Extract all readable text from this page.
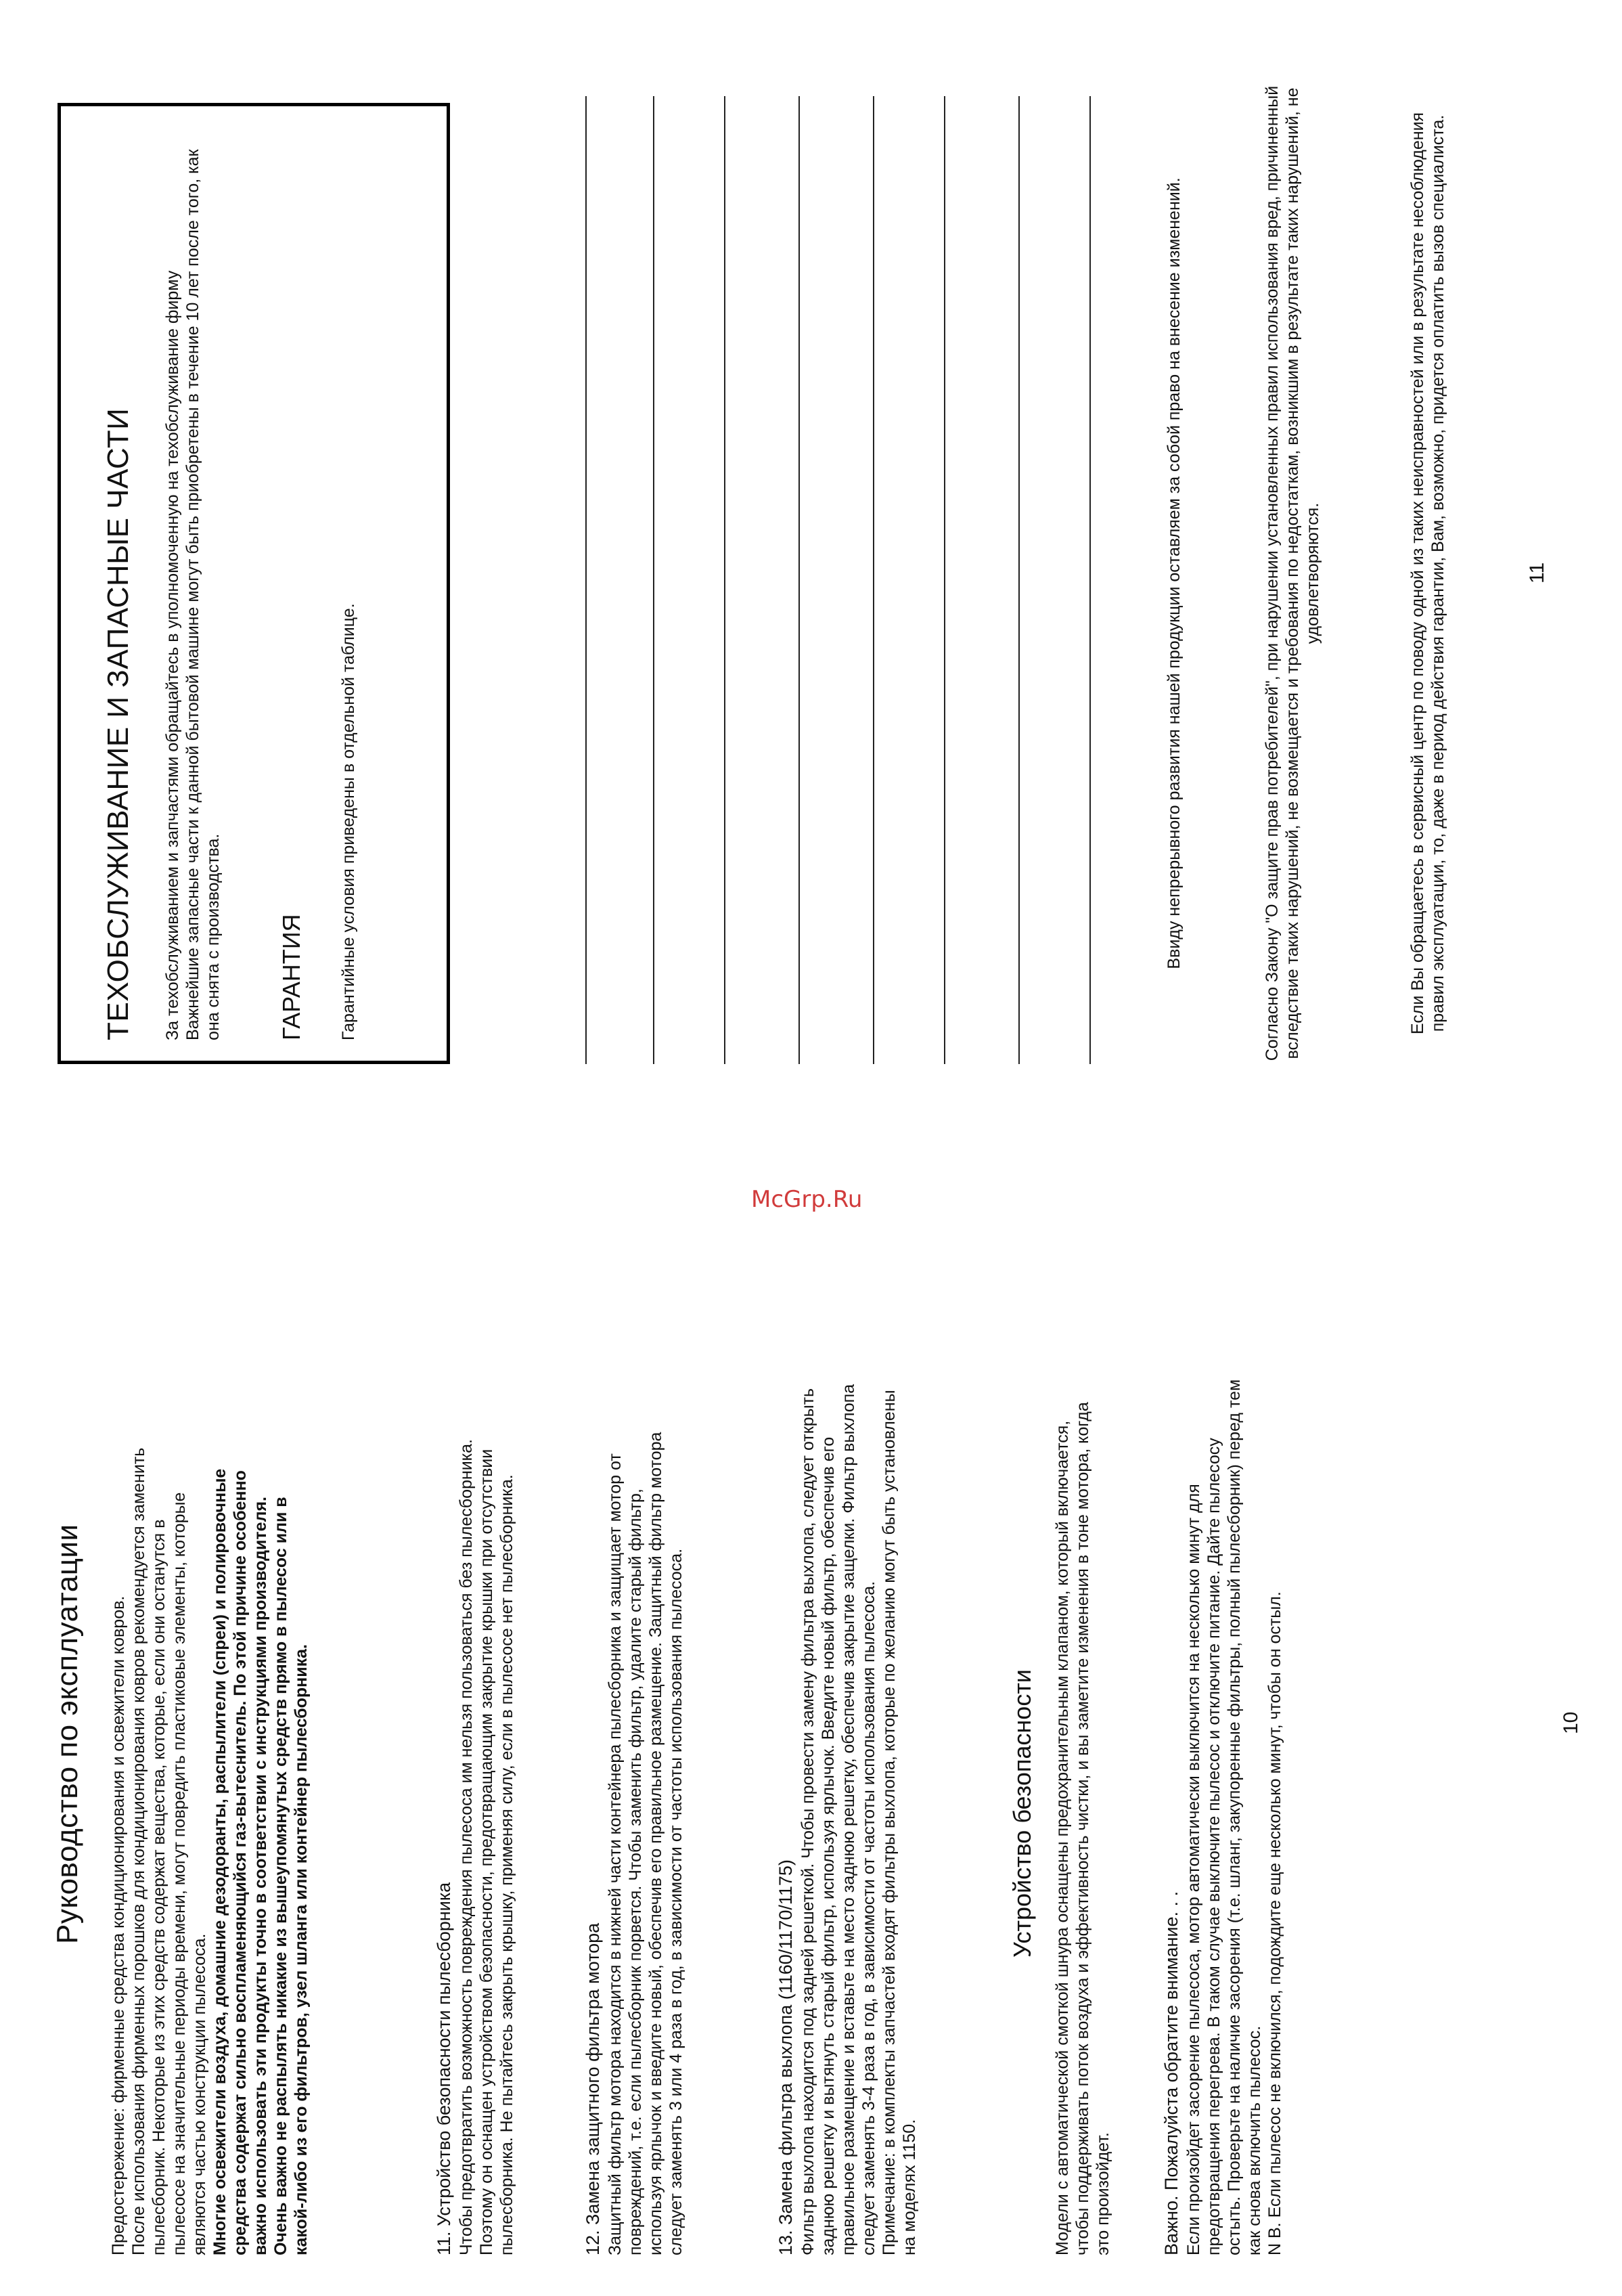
Руководство по эксплуатации Предостережение: фирменные средства кондиционирования и освежители ковров. После использования фирменных порошков для кондиционирования ковров рекомендуется заменить пылесборник. Некоторые из этих средств содержат вещества, которые, если они останутся в пылесосе на значительные периоды времени, могут повредить пластиковые элементы, которые являются частью конструкции пылесоса. Многие освежители воздуха, домашние дезодоранты, распылители (спреи) и полировочные средства содержат сильно воспламеняющийся газ-вытеснитель. По этой причине особенно важно использовать эти продукты точно в соответствии с инструкциями производителя. Очень важно не распылять никакие из вышеупомянутых средств прямо в пылесос или в какой-либо из его фильтров, узел шланга или контейнер пылесборника.	11. Устройство безопасности пылесборника Чтобы предотвратить возможность повреждения пылесоса им нельзя пользоваться без пылесборника. Поэтому он оснащен устройством безопасности, предотвращающим закрытие крышки при отсутствии пылесборника. Не пытайтесь закрыть крышку, применяя силу, если в пылесосе нет пылесборника.	12. Замена защитного фильтра мотора Защитный фильтр мотора находится в нижней части контейнера пылесборника и защищает мотор от повреждений, т.е. если пылесборник порвется. Чтобы заменить фильтр, удалите старый фильтр, используя ярлычок и введите новый, обеспечив его правильное размещение. Защитный фильтр мотора следует заменять 3 или 4 раза в год, в зависимости от частоты использования пылесоса.	13. Замена фильтра выхлопа (1160/1170/1175) Фильтр выхлопа находится под задней решеткой. Чтобы провести замену фильтра выхлопа, следует открыть заднюю решетку и вытянуть старый фильтр, используя ярлычок. Введите новый фильтр, обеспечив его правильное размещение и вставьте на место заднюю решетку, обеспечив закрытие защелки. Фильтр выхлопа следует заменять 3-4 раза в год, в зависимости от частоты использования пылесоса. Примечание: в комплекты запчастей входят фильтры выхлопа, которые по желанию могут быть установлены на моделях 1150.

Устройство безопасности Модели с автоматической смоткой шнура оснащены предохранительным клапаном, который включается, чтобы поддерживать поток воздуха и эффективность чистки, и вы заметите изменения в тоне мотора, когда это произойдет.	Важно. Пожалуйста обратите внимание. . . Если произойдет засорение пылесоса, мотор автоматически выключится на несколько минут для предотвращения перегрева. В таком случае выключите пылесос и отключите питание. Дайте пылесосу остыть. Проверьте на наличие засорения (т.е. шланг, закупоренные фильтры, полный пылесборник) перед тем как снова включить пылесос. N B. Если пылесос не включился, подождите еще несколько минут, чтобы он остыл.	10
ТЕХОБСЛУЖИВАНИЕ И ЗАПАСНЫЕ ЧАСТИ За техобслуживанием и запчастями обращайтесь в уполномоченную на техобслуживание фирму Важнейшие запасные части к данной бытовой машине могут быть приобретены в течение 10 лет после того, как она снята с производства. ГАРАНТИЯ Гарантийные условия приведены в отдельной таблице.	Ввиду непрерывного развития нашей продукции оставляем за собой право на внесение изменений.	Согласно Закону "О защите прав потребителей", при нарушении установленных правил использования вред, причиненный вследствие таких нарушений, не возмещается и требования по недостаткам, возникшим в результате таких нарушений, не удовлетворяются.	Если Вы обращаетесь в сервисный центр по поводу одной из таких неисправностей или в результате несоблюдения правил эксплуатации, то, даже в период действия гарантии, Вам, возможно, придется оплатить вызов специалиста.	11
McGrp.Ru
